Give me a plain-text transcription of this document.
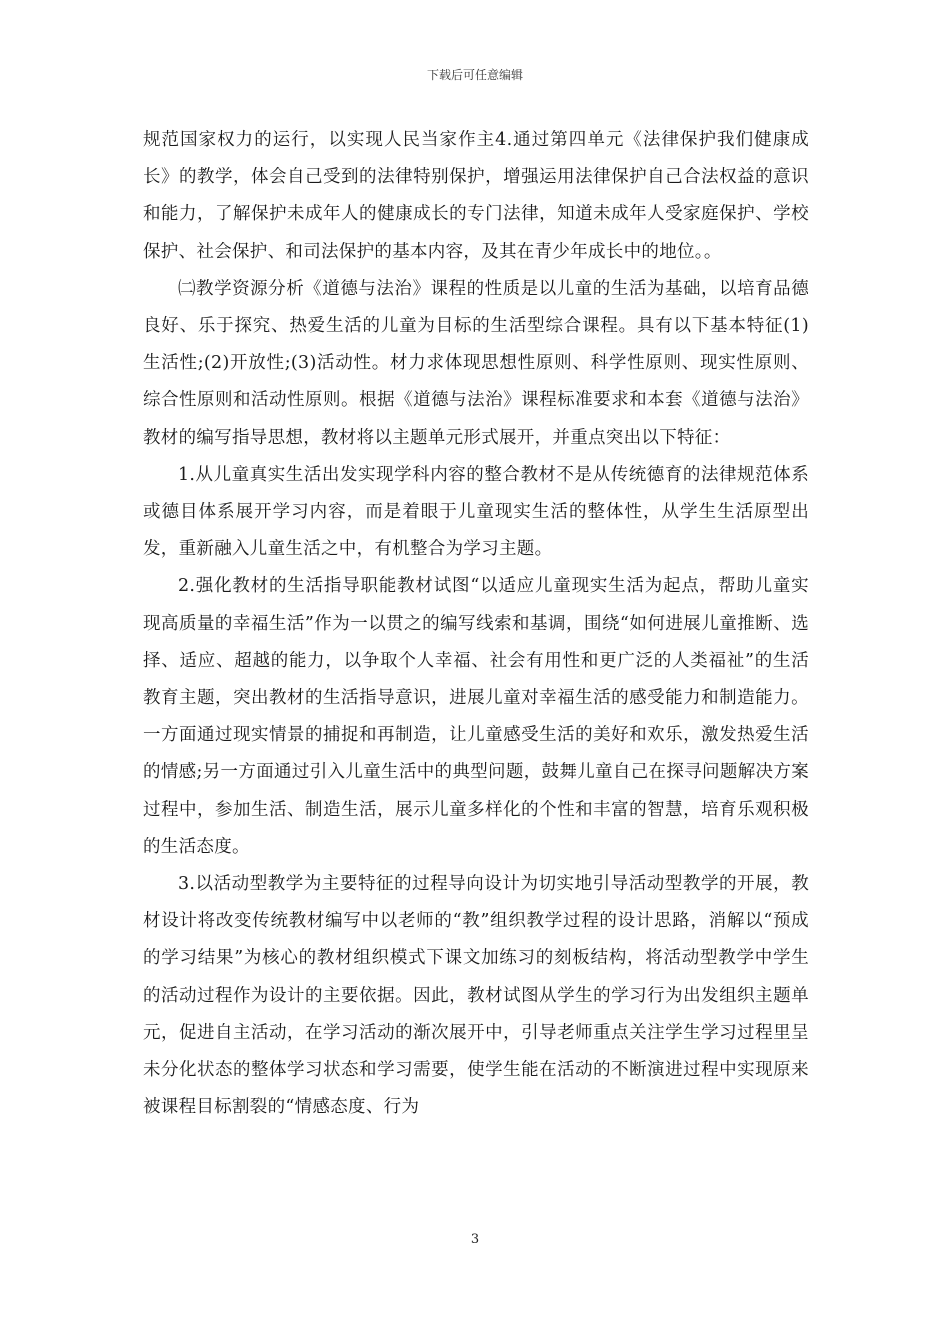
下载后可任意编辑

规范国家权力的运行，以实现人民当家作主4.通过第四单元《法律保护我们健康成长》的教学，体会自己受到的法律特别保护，增强运用法律保护自己合法权益的意识和能力，了解保护未成年人的健康成长的专门法律，知道未成年人受家庭保护、学校保护、社会保护、和司法保护的基本内容，及其在青少年成长中的地位。。

㈡教学资源分析《道德与法治》课程的性质是以儿童的生活为基础，以培育品德良好、乐于探究、热爱生活的儿童为目标的生活型综合课程。具有以下基本特征(1)生活性;(2)开放性;(3)活动性。材力求体现思想性原则、科学性原则、现实性原则、综合性原则和活动性原则。根据《道德与法治》课程标准要求和本套《道德与法治》教材的编写指导思想，教材将以主题单元形式展开，并重点突出以下特征：

1.从儿童真实生活出发实现学科内容的整合教材不是从传统德育的法律规范体系或德目体系展开学习内容，而是着眼于儿童现实生活的整体性，从学生生活原型出发，重新融入儿童生活之中，有机整合为学习主题。

2.强化教材的生活指导职能教材试图“以适应儿童现实生活为起点，帮助儿童实现高质量的幸福生活”作为一以贯之的编写线索和基调，围绕“如何进展儿童推断、选择、适应、超越的能力，以争取个人幸福、社会有用性和更广泛的人类福祉”的生活教育主题，突出教材的生活指导意识，进展儿童对幸福生活的感受能力和制造能力。一方面通过现实情景的捕捉和再制造，让儿童感受生活的美好和欢乐，激发热爱生活的情感;另一方面通过引入儿童生活中的典型问题，鼓舞儿童自己在探寻问题解决方案过程中，参加生活、制造生活，展示儿童多样化的个性和丰富的智慧，培育乐观积极的生活态度。

3.以活动型教学为主要特征的过程导向设计为切实地引导活动型教学的开展，教材设计将改变传统教材编写中以老师的“教”组织教学过程的设计思路，消解以“预成的学习结果”为核心的教材组织模式下课文加练习的刻板结构，将活动型教学中学生的活动过程作为设计的主要依据。因此，教材试图从学生的学习行为出发组织主题单元，促进自主活动，在学习活动的渐次展开中，引导老师重点关注学生学习过程里呈未分化状态的整体学习状态和学习需要，使学生能在活动的不断演进过程中实现原来被课程目标割裂的“情感态度、行为

3
